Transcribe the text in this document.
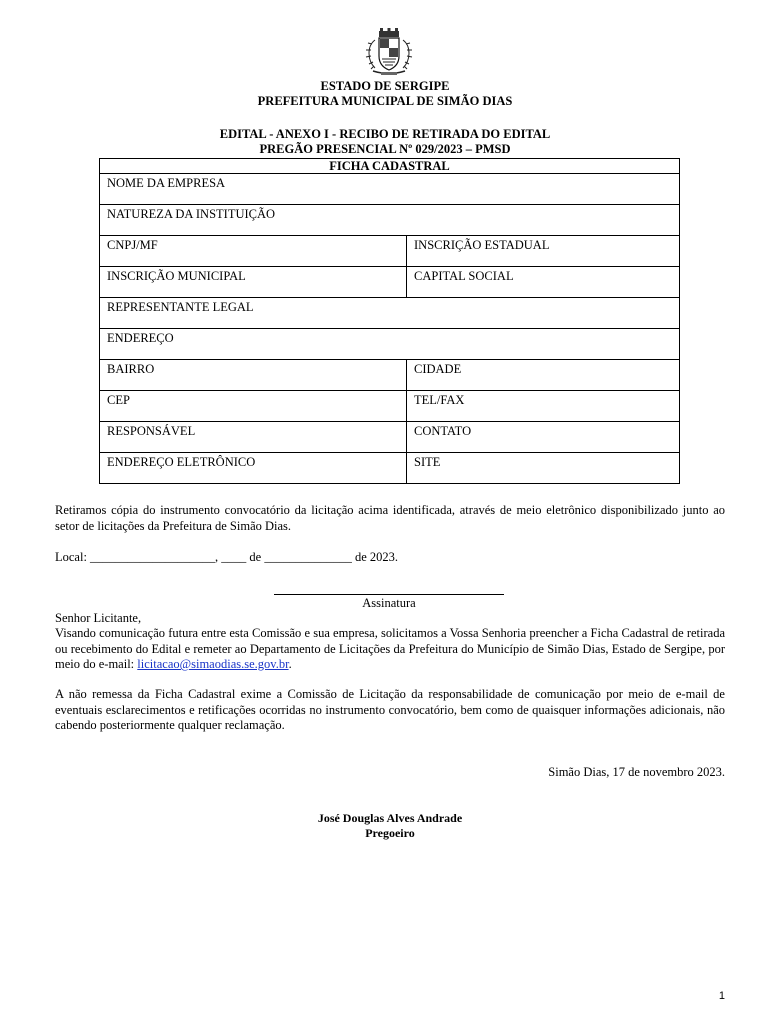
ESTADO DE SERGIPE
PREFEITURA MUNICIPAL DE SIMÃO DIAS
EDITAL - ANEXO I - RECIBO DE RETIRADA DO EDITAL
PREGÃO PRESENCIAL Nº 029/2023 – PMSD
FICHA CADASTRAL	
NOME DA EMPRESA	
NATUREZA DA INSTITUIÇÃO	
CNPJ/MF	INSCRIÇÃO ESTADUAL
INSCRIÇÃO MUNICIPAL	CAPITAL SOCIAL
REPRESENTANTE LEGAL	
ENDEREÇO	
BAIRRO	CIDADE
CEP	TEL/FAX
RESPONSÁVEL	CONTATO
ENDEREÇO ELETRÔNICO	SITE
Retiramos cópia do instrumento convocatório da licitação acima identificada, através de meio eletrônico disponibilizado junto ao setor de licitações da Prefeitura de Simão Dias.
Local: ____________________, ____ de ______________ de 2023.
Assinatura
Senhor Licitante,
Visando comunicação futura entre esta Comissão e sua empresa, solicitamos a Vossa Senhoria preencher a Ficha Cadastral de retirada ou recebimento do Edital e remeter ao Departamento de Licitações da Prefeitura do Município de Simão Dias, Estado de Sergipe, por meio do e-mail: licitacao@simaodias.se.gov.br.
A não remessa da Ficha Cadastral exime a Comissão de Licitação da responsabilidade de comunicação por meio de e-mail de eventuais esclarecimentos e retificações ocorridas no instrumento convocatório, bem como de quaisquer informações adicionais, não cabendo posteriormente qualquer reclamação.
Simão Dias, 17 de novembro 2023.
José Douglas Alves Andrade
Pregoeiro
1
